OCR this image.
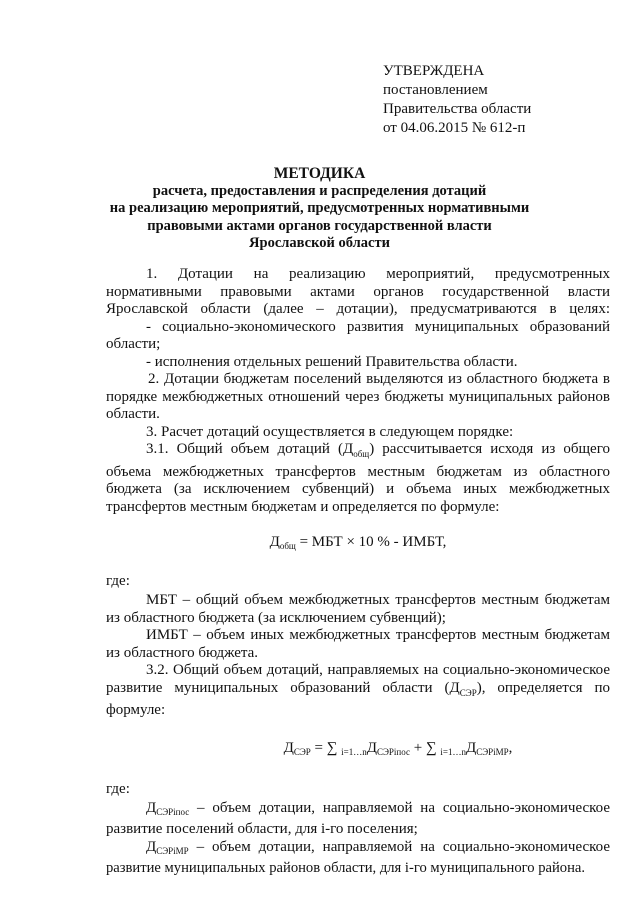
УТВЕРЖДЕНА
постановлением
Правительства области
от 04.06.2015 № 612-п
МЕТОДИКА
расчета, предоставления и распределения дотаций
на реализацию мероприятий, предусмотренных нормативными
правовыми актами органов государственной власти
Ярославской области

1. Дотации на реализацию мероприятий, предусмотренных

нормативными правовыми актами органов государственной власти

Ярославской области (далее – дотации), предусматриваются в целях:

- социально-экономического развития муниципальных образований

области;

- исполнения отдельных решений Правительства области.

2. Дотации бюджетам поселений выделяются из областного бюджета в

порядке межбюджетных отношений через бюджеты муниципальных районов

области.

3. Расчет дотаций осуществляется в следующем порядке:

3.1. Общий объем дотаций $(Д_{общ})$ рассчитывается исходя из общего

объема межбюджетных трансфертов местным бюджетам из областного

бюджета (за исключением субвенций) и объема иных межбюджетных

трансфертов местным бюджетам и определяется по формуле:

$Д_{общ}$ = МБТ × 10 % - ИМБТ,

где:

МБТ – общий объем межбюджетных трансфертов местным бюджетам

из областного бюджета (за исключением субвенций);

ИМБТ – объем иных межбюджетных трансфертов местным бюджетам

из областного бюджета.

3.2. Общий объем дотаций, направляемых на социально-экономическое

развитие муниципальных образований области $(Д_{СЭР})$, определяется по

формуле:

$Д_{СЭР}$ = ∑ $_{i=1\dots n}Д_{СЭРiпос}$ + ∑ $_{i=1\dots n}Д_{СЭРiМР}$,

где:

$Д_{СЭРiпос}$ – объем дотации, направляемой на социально-экономическое

развитие поселений области, для i-го поселения;

$Д_{СЭРiМР}$ – объем дотации, направляемой на социально-экономическое

развитие муниципальных районов области, для i-го муниципального района.
